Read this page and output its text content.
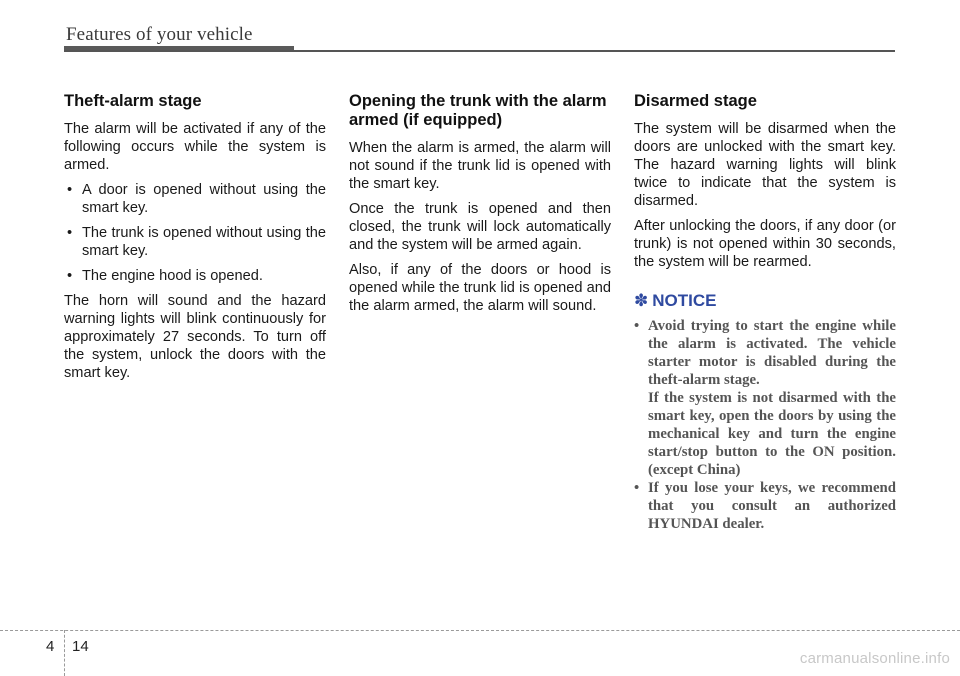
Features of your vehicle
Theft-alarm stage

The alarm will be activated if any of the following occurs while the system is armed.

• A door is opened without using the smart key.
• The trunk is opened without using the smart key.
• The engine hood is opened.

The horn will sound and the hazard warning lights will blink continuously for approximately 27 seconds. To turn off the system, unlock the doors with the smart key.

Opening the trunk with the alarm armed (if equipped)

When the alarm is armed, the alarm will not sound if the trunk lid is opened with the smart key.

Once the trunk is opened and then closed, the trunk will lock automatically and the system will be armed again.

Also, if any of the doors or hood is opened while the trunk lid is opened and the alarm armed, the alarm will sound.

Disarmed stage

The system will be disarmed when the doors are unlocked with the smart key. The hazard warning lights will blink twice to indicate that the system is disarmed.

After unlocking the doors, if any door (or trunk) is not opened within 30 seconds, the system will be rearmed.

✽ NOTICE
• Avoid trying to start the engine while the alarm is activated. The vehicle starter motor is disabled during the theft-alarm stage.
If the system is not disarmed with the smart key, open the doors by using the mechanical key and turn the engine start/stop button to the ON position. (except China)
• If you lose your keys, we recommend that you consult an authorized HYUNDAI dealer.
4 14
carmanualsonline.info
